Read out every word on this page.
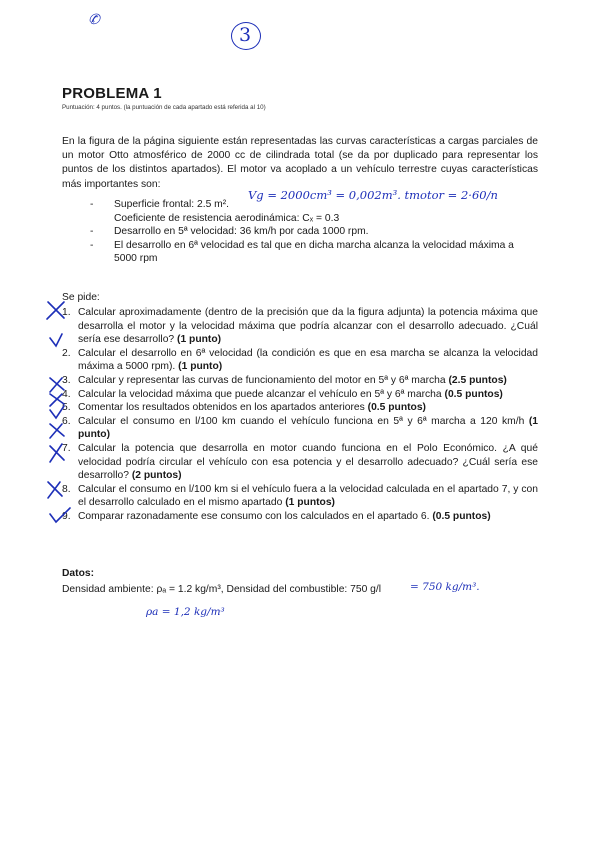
✆
3
PROBLEMA 1
Puntuación: 4 puntos. (la puntuación de cada apartado está referida al 10)
En la figura de la página siguiente están representadas las curvas características a cargas parciales de un motor Otto atmosférico de 2000 cc de cilindrada total (se da por duplicado para representar los puntos de los distintos apartados). El motor va acoplado a un vehículo terrestre cuyas características más importantes son:
- Superficie frontal: 2.5 m².
Coeficiente de resistencia aerodinámica: Cₓ = 0.3
- Desarrollo en 5ª velocidad: 36 km/h por cada 1000 rpm.
- El desarrollo en 6ª velocidad es tal que en dicha marcha alcanza la velocidad máxima a 5000 rpm
Vg = 2000cm³ = 0,002m³. tmotor = 2·60/n
Se pide:
1. Calcular aproximadamente (dentro de la precisión que da la figura adjunta) la potencia máxima que desarrolla el motor y la velocidad máxima que podría alcanzar con el desarrollo adecuado. ¿Cuál sería ese desarrollo? (1 punto)
2. Calcular el desarrollo en 6ª velocidad (la condición es que en esa marcha se alcanza la velocidad máxima a 5000 rpm). (1 punto)
3. Calcular y representar las curvas de funcionamiento del motor en 5ª y 6ª marcha (2.5 puntos)
4. Calcular la velocidad máxima que puede alcanzar el vehículo en 5ª y 6ª marcha (0.5 puntos)
5. Comentar los resultados obtenidos en los apartados anteriores (0.5 puntos)
6. Calcular el consumo en l/100 km cuando el vehículo funciona en 5ª y 6ª marcha a 120 km/h (1 punto)
7. Calcular la potencia que desarrolla en motor cuando funciona en el Polo Económico. ¿A qué velocidad podría circular el vehículo con esa potencia y el desarrollo adecuado? ¿Cuál sería ese desarrollo? (2 puntos)
8. Calcular el consumo en l/100 km si el vehículo fuera a la velocidad calculada en el apartado 7, y con el desarrollo calculado en el mismo apartado (1 puntos)
9. Comparar razonadamente ese consumo con los calculados en el apartado 6. (0.5 puntos)
Datos:
Densidad ambiente: ρₐ = 1.2 kg/m³, Densidad del combustible: 750 g/l	= 750 kg/m³.
ρa = 1,2 kg/m³
